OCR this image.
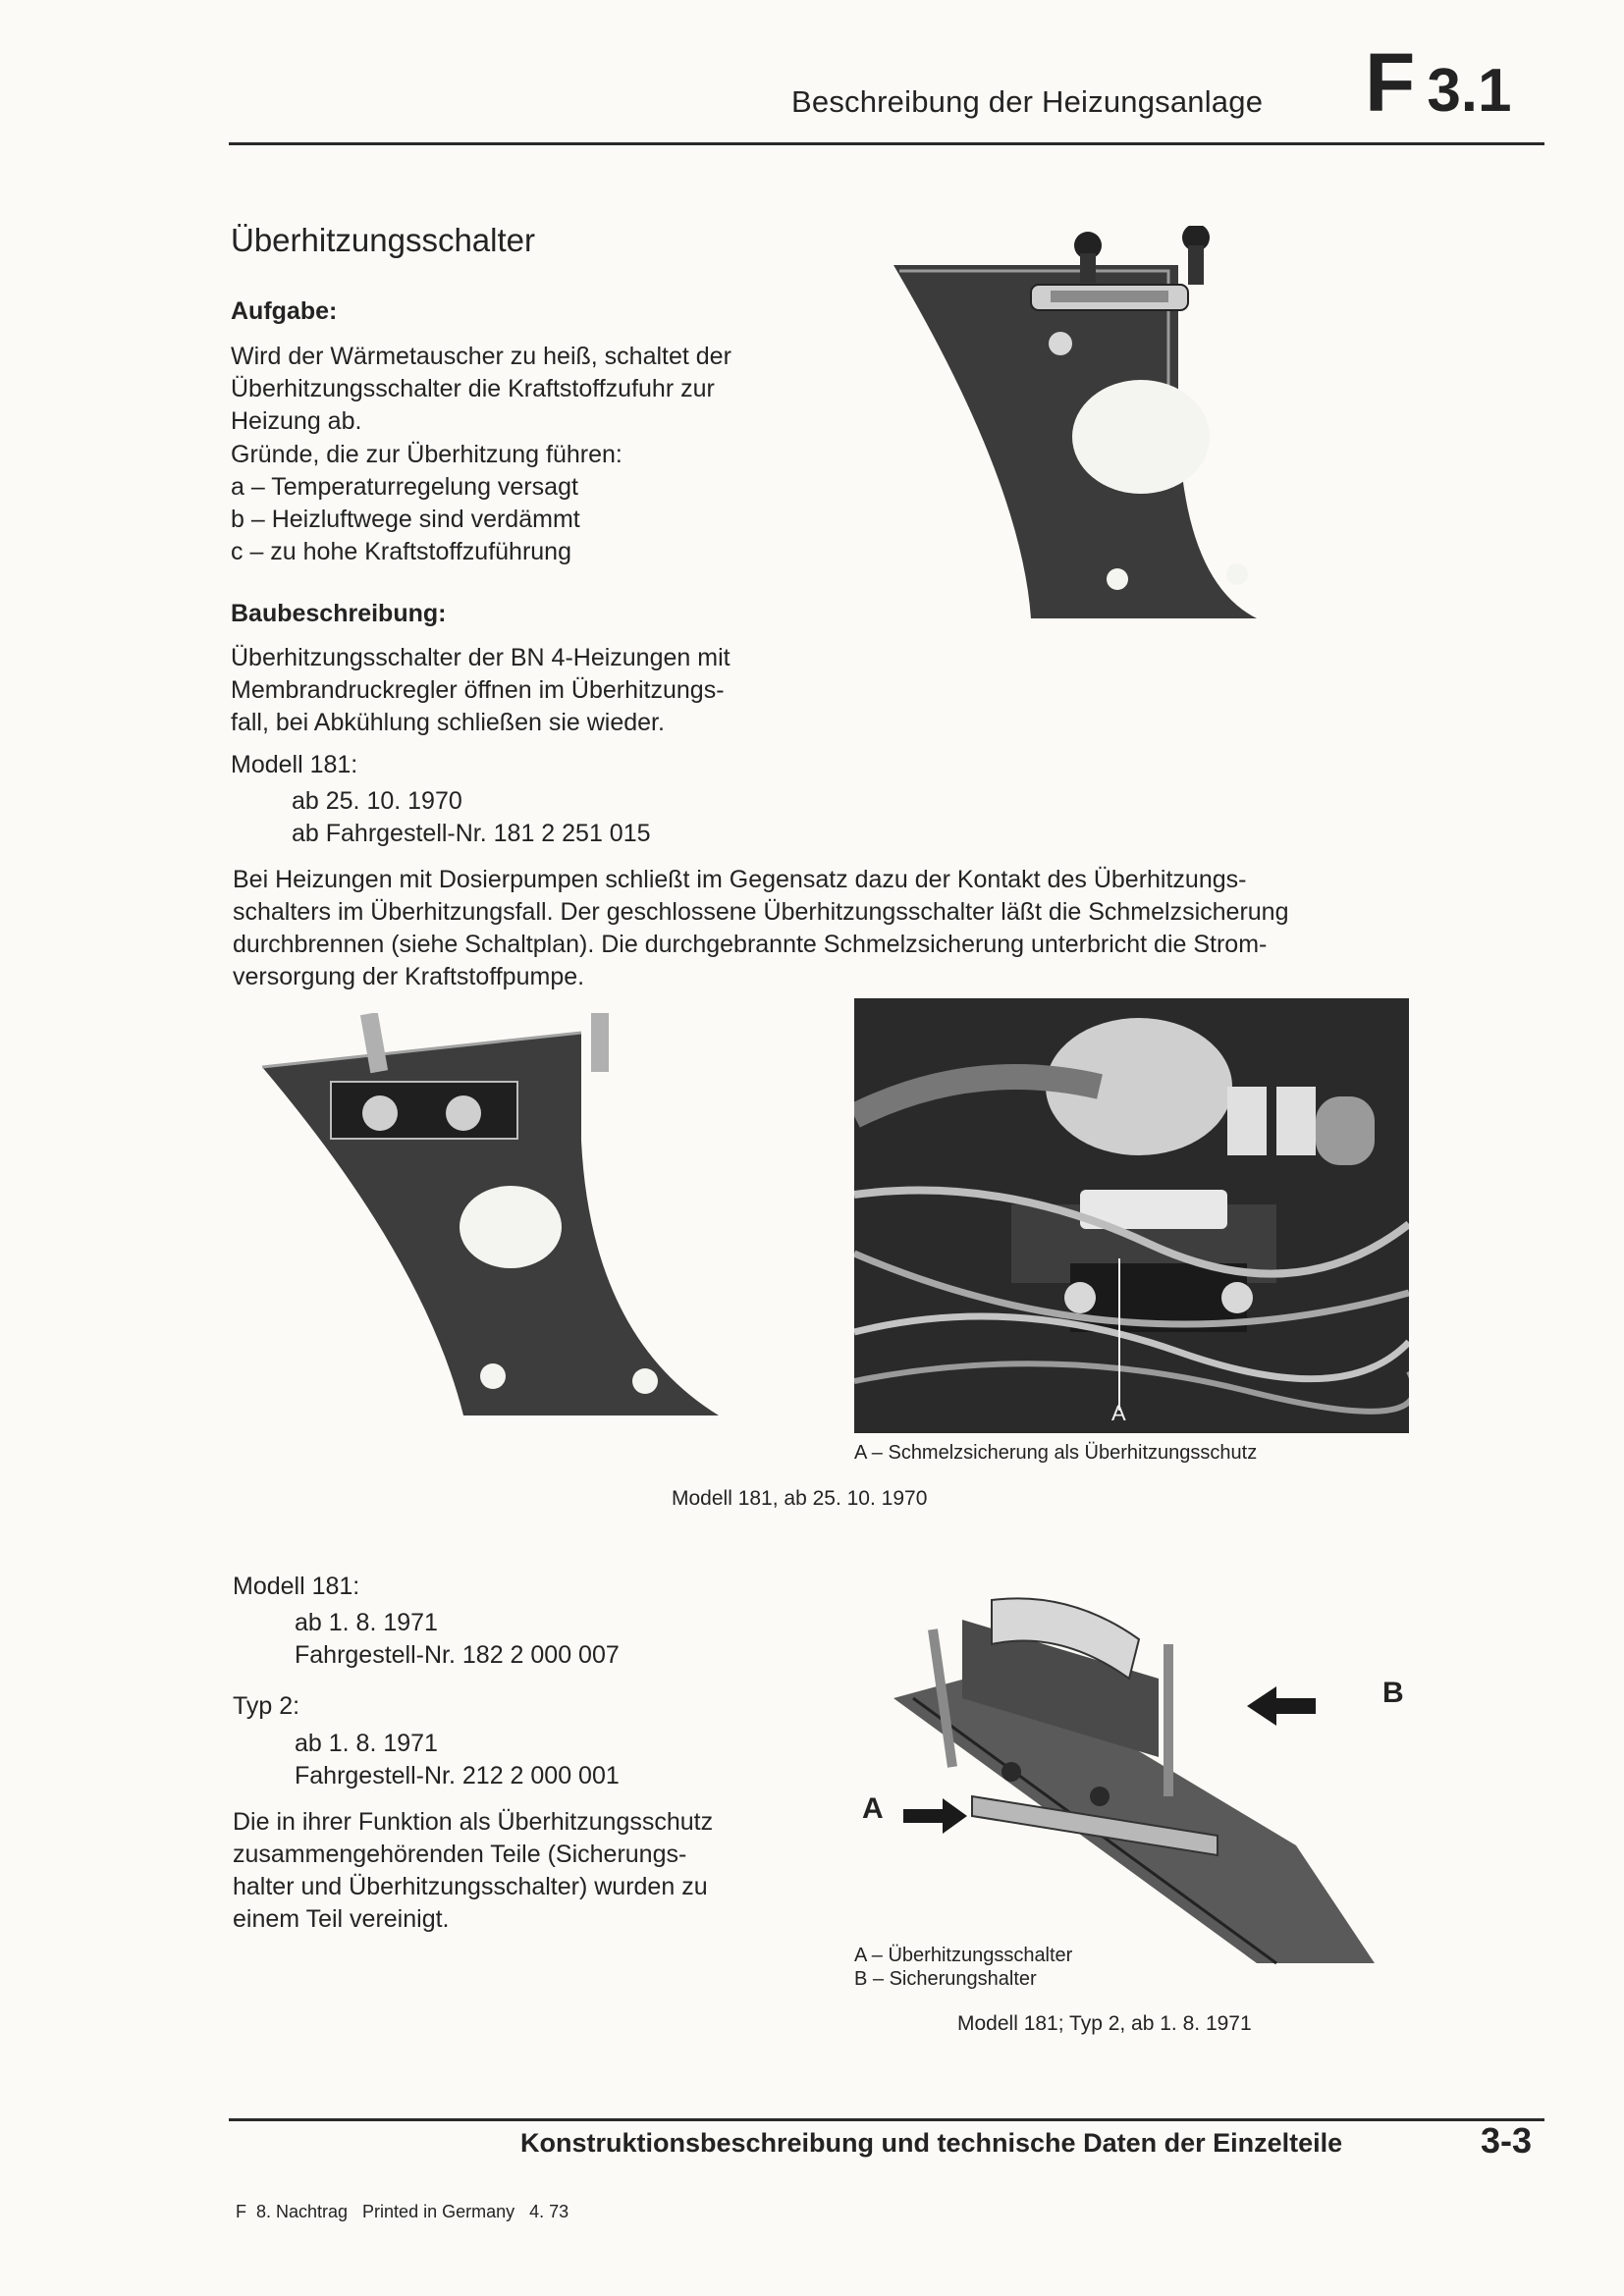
Beschreibung der Heizungsanlage F 3.1
Überhitzungsschalter
Aufgabe:
Wird der Wärmetauscher zu heiß, schaltet der
Überhitzungsschalter die Kraftstoffzufuhr zur
Heizung ab.
Gründe, die zur Überhitzung führen:
a – Temperaturregelung versagt
b – Heizluftwege sind verdämmt
c – zu hohe Kraftstoffzuführung
Baubeschreibung:
Überhitzungsschalter der BN 4-Heizungen mit
Membrandruckregler öffnen im Überhitzungs-
fall, bei Abkühlung schließen sie wieder.
Modell 181:
ab 25. 10. 1970
ab Fahrgestell-Nr. 181 2 251 015
Bei Heizungen mit Dosierpumpen schließt im Gegensatz dazu der Kontakt des Überhitzungs-
schalters im Überhitzungsfall. Der geschlossene Überhitzungsschalter läßt die Schmelzsicherung
durchbrennen (siehe Schaltplan). Die durchgebrannte Schmelzsicherung unterbricht die Strom-
versorgung der Kraftstoffpumpe.
A
A – Schmelzsicherung als Überhitzungsschutz
Modell 181, ab 25. 10. 1970
Modell 181:
ab 1. 8. 1971
Fahrgestell-Nr. 182 2 000 007
Typ 2:
ab 1. 8. 1971
Fahrgestell-Nr. 212 2 000 001
Die in ihrer Funktion als Überhitzungsschutz
zusammengehörenden Teile (Sicherungs-
halter und Überhitzungsschalter) wurden zu
einem Teil vereinigt.
A
B
A – Überhitzungsschalter
B – Sicherungshalter
Modell 181; Typ 2, ab 1. 8. 1971
Konstruktionsbeschreibung und technische Daten der Einzelteile	3-3
F  8. Nachtrag   Printed in Germany   4. 73
